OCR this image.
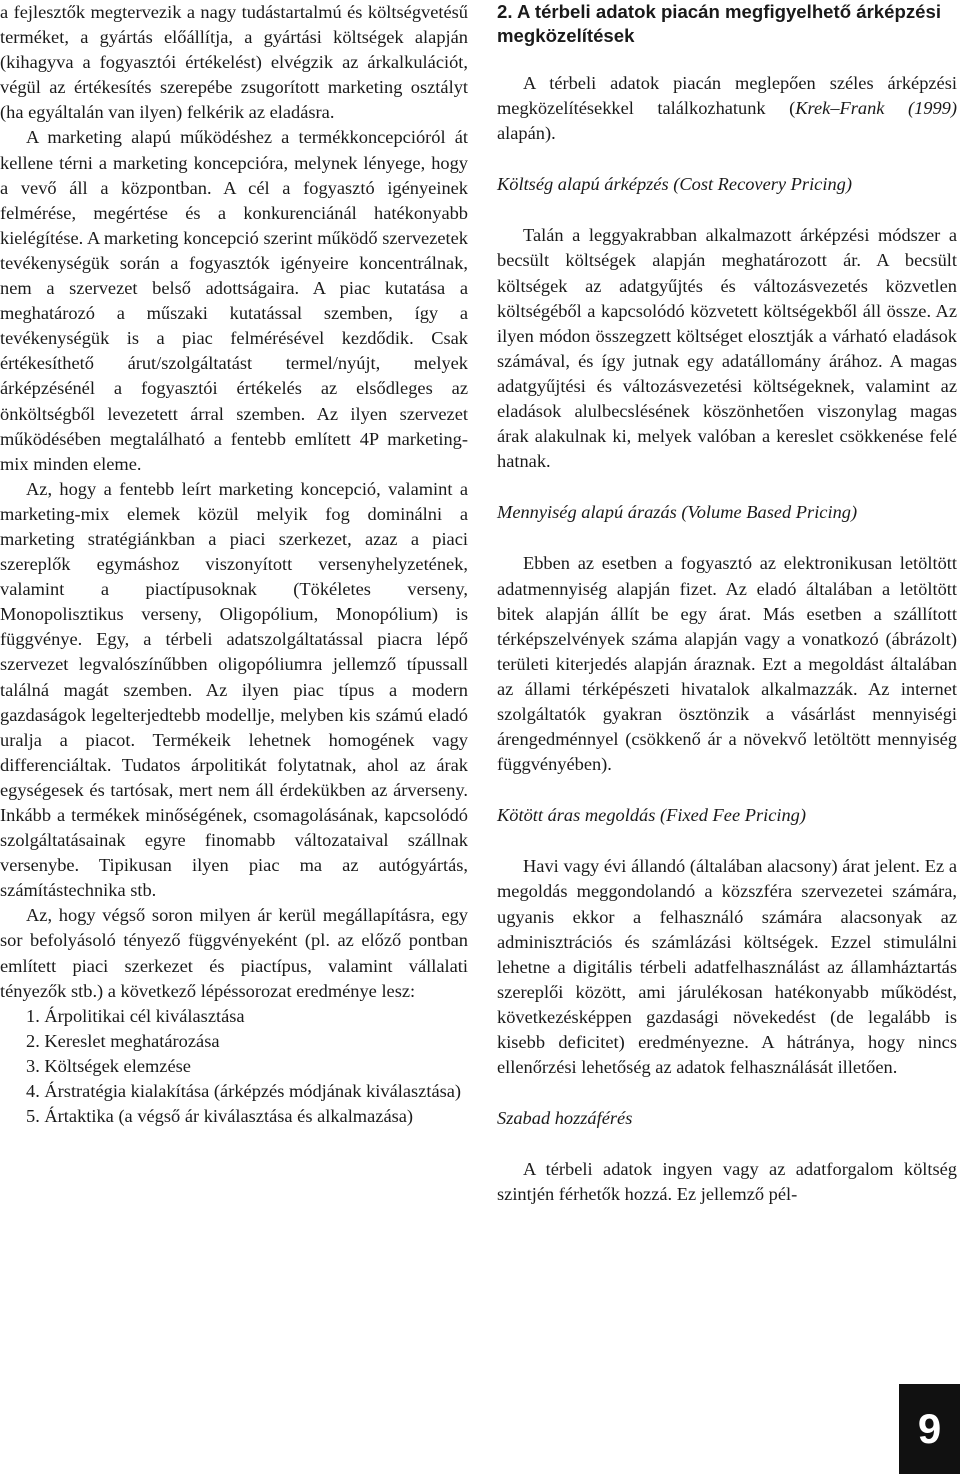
a fejlesztők megtervezik a nagy tudástartalmú és költségvetésű terméket, a gyártás előállítja, a gyártási költségek alapján (kihagyva a fogyasztói értékelést) elvégzik az árkalkulációt, végül az értékesítés szerepébe zsugorított marketing osztályt (ha egyáltalán van ilyen) felkérik az eladásra.

A marketing alapú működéshez a termékkoncepcióról át kellene térni a marketing koncepcióra, melynek lényege, hogy a vevő áll a központban. A cél a fogyasztó igényeinek felmérése, megértése és a konkurenciánál hatékonyabb kielégítése. A marketing koncepció szerint működő szervezetek tevékenységük során a fogyasztók igényeire koncentrálnak, nem a szervezet belső adottságaira. A piac kutatása a meghatározó a műszaki kutatással szemben, így a tevékenységük is a piac felmérésével kezdődik. Csak értékesíthető árut/szolgáltatást termel/nyújt, melyek árképzésénél a fogyasztói értékelés az elsődleges az önköltségből levezetett árral szemben. Az ilyen szervezet működésében megtalálható a fentebb említett 4P marketing-mix minden eleme.

Az, hogy a fentebb leírt marketing koncepció, valamint a marketing-mix elemek közül melyik fog dominálni a marketing stratégiánkban a piaci szerkezet, azaz a piaci szereplők egymáshoz viszonyított versenyhelyzetének, valamint a piactípusoknak (Tökéletes verseny, Monopolisztikus verseny, Oligopólium, Monopólium) is függvénye. Egy, a térbeli adatszolgáltatással piacra lépő szervezet legvalószínűbben oligopóliumra jellemző típussall találná magát szemben. Az ilyen piac típus a modern gazdaságok legelterjedtebb modellje, melyben kis számú eladó uralja a piacot. Termékeik lehetnek homogének vagy differenciáltak. Tudatos árpolitikát folytatnak, ahol az árak egységesek és tartósak, mert nem áll érdekükben az árverseny. Inkább a termékek minőségének, csomagolásának, kapcsolódó szolgáltatásainak egyre finomabb változataival szállnak versenybe. Tipikusan ilyen piac ma az autógyártás, számítástechnika stb.

Az, hogy végső soron milyen ár kerül megállapításra, egy sor befolyásoló tényező függvényeként (pl. az előző pontban említett piaci szerkezet és piactípus, valamint vállalati tényezők stb.) a következő lépéssorozat eredménye lesz:

1. Árpolitikai cél kiválasztása
2. Kereslet meghatározása
3. Költségek elemzése
4. Árstratégia kialakítása (árképzés módjának kiválasztása)
5. Ártaktika (a végső ár kiválasztása és alkalmazása)
2. A térbeli adatok piacán megfigyelhető árképzési megközelítések

A térbeli adatok piacán meglepően széles árképzési megközelítésekkel találkozhatunk (Krek–Frank (1999) alapán).

Költség alapú árképzés (Cost Recovery Pricing)

Talán a leggyakrabban alkalmazott árképzési módszer a becsült költségek alapján meghatározott ár. A becsült költségek az adatgyűjtés és változásvezetés közvetlen költségéből a kapcsolódó közvetett költségekből áll össze. Az ilyen módon összegzett költséget elosztják a várható eladások számával, és így jutnak egy adatállomány árához. A magas adatgyűjtési és változásvezetési költségeknek, valamint az eladások alulbecslésének köszönhetően viszonylag magas árak alakulnak ki, melyek valóban a kereslet csökkenése felé hatnak.

Mennyiség alapú árazás (Volume Based Pricing)

Ebben az esetben a fogyasztó az elektronikusan letöltött adatmennyiség alapján fizet. Az eladó általában a letöltött bitek alapján állít be egy árat. Más esetben a szállított térképszelvények száma alapján vagy a vonatkozó (ábrázolt) területi kiterjedés alapján áraznak. Ezt a megoldást általában az állami térképészeti hivatalok alkalmazzák. Az internet szolgáltatók gyakran ösztönzik a vásárlást mennyiségi árengedménnyel (csökkenő ár a növekvő letöltött mennyiség függvényében).

Kötött áras megoldás (Fixed Fee Pricing)

Havi vagy évi állandó (általában alacsony) árat jelent. Ez a megoldás meggondolandó a közszféra szervezetei számára, ugyanis ekkor a felhasználó számára alacsonyak az adminisztrációs és számlázási költségek. Ezzel stimulálni lehetne a digitális térbeli adatfelhasználást az államháztartás szereplői között, ami járulékosan hatékonyabb működést, következésképpen gazdasági növekedést (de legalább is kisebb deficitet) eredményezne. A hátránya, hogy nincs ellenőrzési lehetőség az adatok felhasználását illetően.

Szabad hozzáférés

A térbeli adatok ingyen vagy az adatforgalom költség szintjén férhetők hozzá. Ez jellemző pél-

9
